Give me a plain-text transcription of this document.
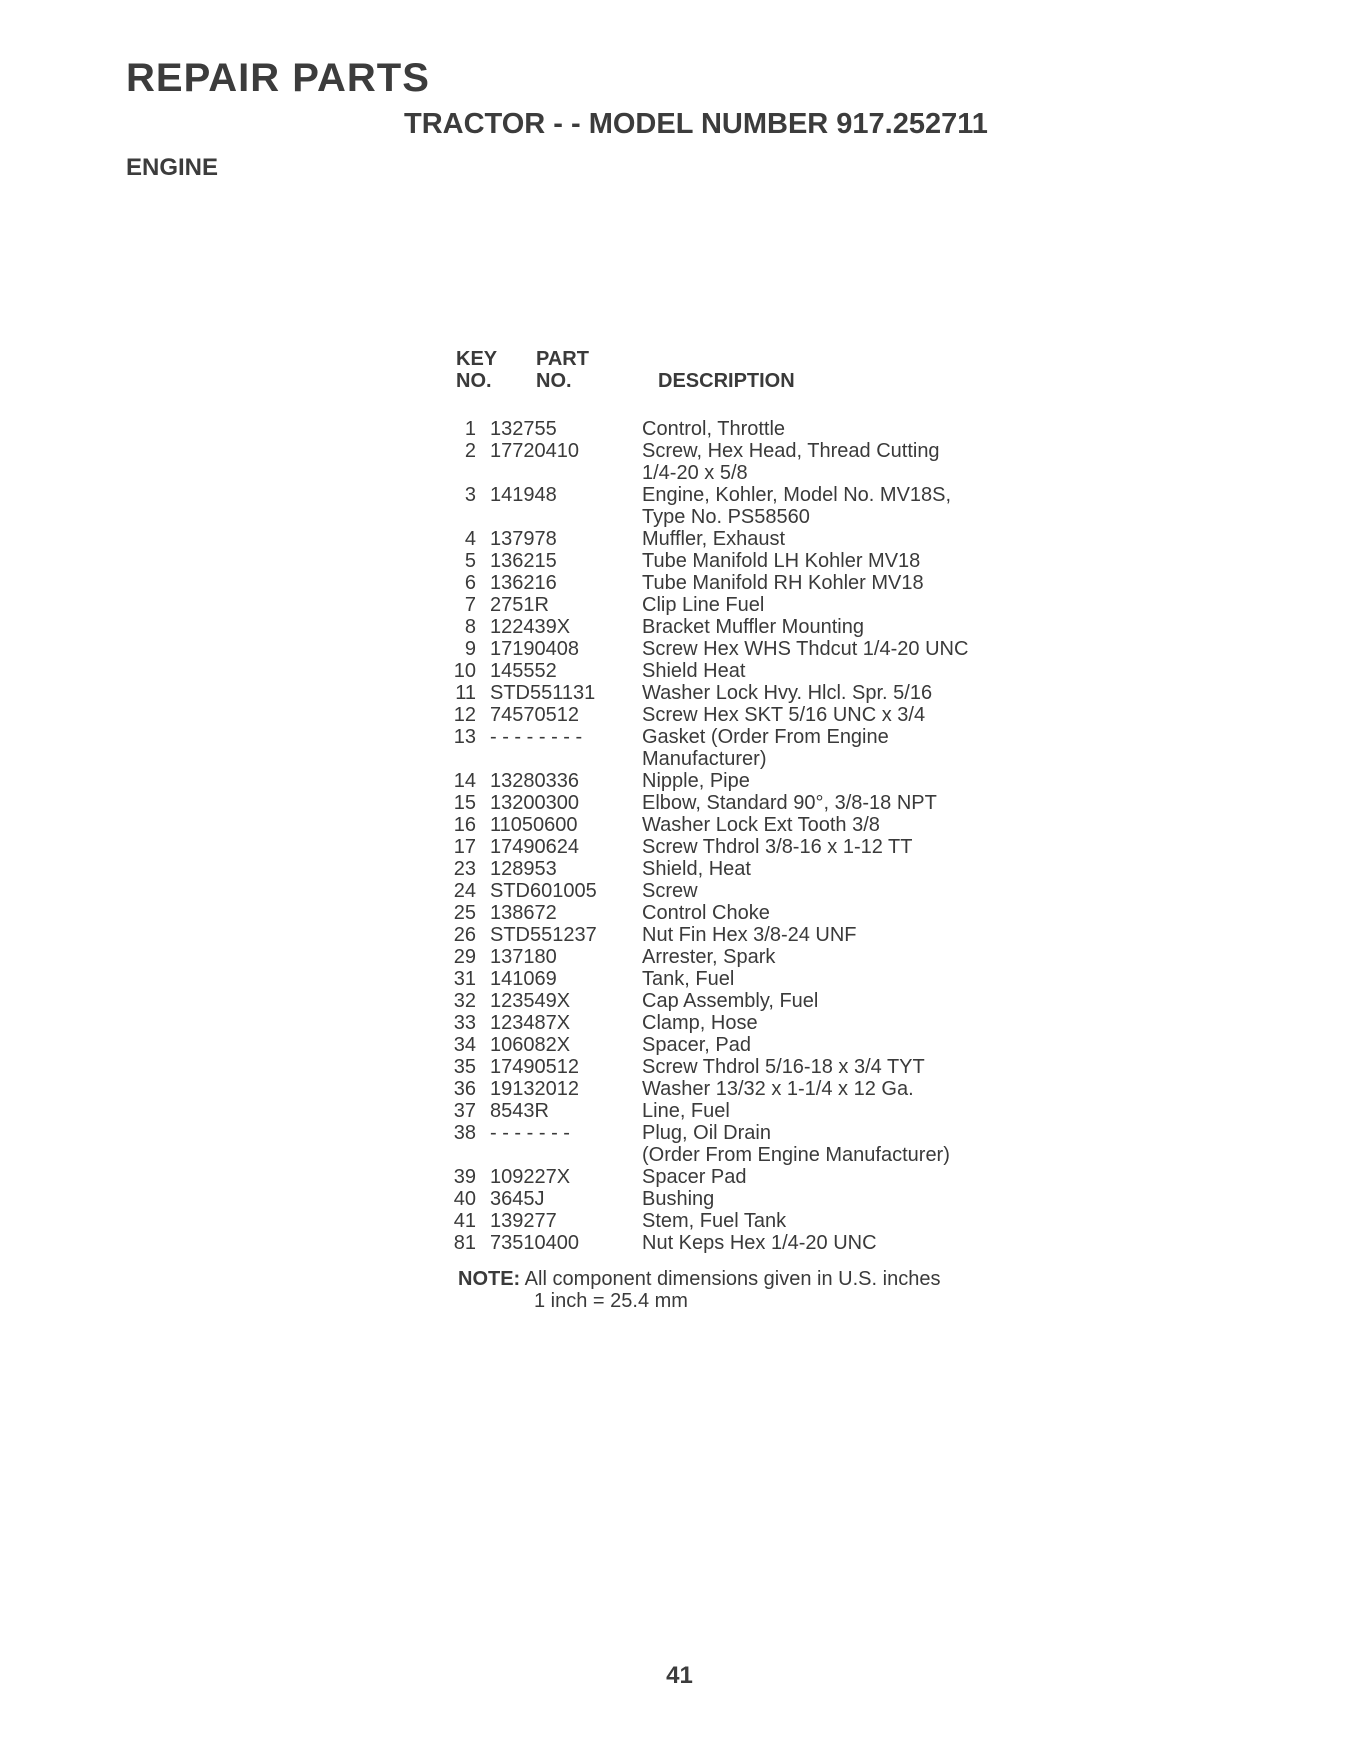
REPAIR PARTS
TRACTOR - - MODEL NUMBER 917.252711
ENGINE
KEY
NO.
PART
NO.	DESCRIPTION
1 132755	Control, Throttle
2 17720410	Screw, Hex Head, Thread Cutting
1/4-20 x 5/8
3 141948	Engine, Kohler, Model No. MV18S,
Type No. PS58560
4 137978	Muffler, Exhaust
5 136215	Tube Manifold LH Kohler MV18
6 136216	Tube Manifold RH Kohler MV18
7 2751R	Clip Line Fuel
8 122439X	Bracket Muffler Mounting
9 17190408	Screw Hex WHS Thdcut 1/4-20 UNC
10 145552	Shield Heat
11 STD551131	Washer Lock Hvy. Hlcl. Spr. 5/16
12 74570512	Screw Hex SKT 5/16 UNC x 3/4
13 - - - - - - - -	Gasket (Order From Engine
Manufacturer)
14 13280336	Nipple, Pipe
15 13200300	Elbow, Standard 90°, 3/8-18 NPT
16 11050600	Washer Lock Ext Tooth 3/8
17 17490624	Screw Thdrol 3/8-16 x 1-12 TT
23 128953	Shield, Heat
24 STD601005	Screw
25 138672	Control Choke
26 STD551237	Nut Fin Hex 3/8-24 UNF
29 137180	Arrester, Spark
31 141069	Tank, Fuel
32 123549X	Cap Assembly, Fuel
33 123487X	Clamp, Hose
34 106082X	Spacer, Pad
35 17490512	Screw Thdrol 5/16-18 x 3/4 TYT
36 19132012	Washer 13/32 x 1-1/4 x 12 Ga.
37 8543R	Line, Fuel
38 - - - - - - -	Plug, Oil Drain
(Order From Engine Manufacturer)
39 109227X	Spacer Pad
40 3645J	Bushing
41 139277	Stem, Fuel Tank
81 73510400	Nut Keps Hex 1/4-20 UNC
NOTE: All component dimensions given in U.S. inches
1 inch = 25.4 mm
41
